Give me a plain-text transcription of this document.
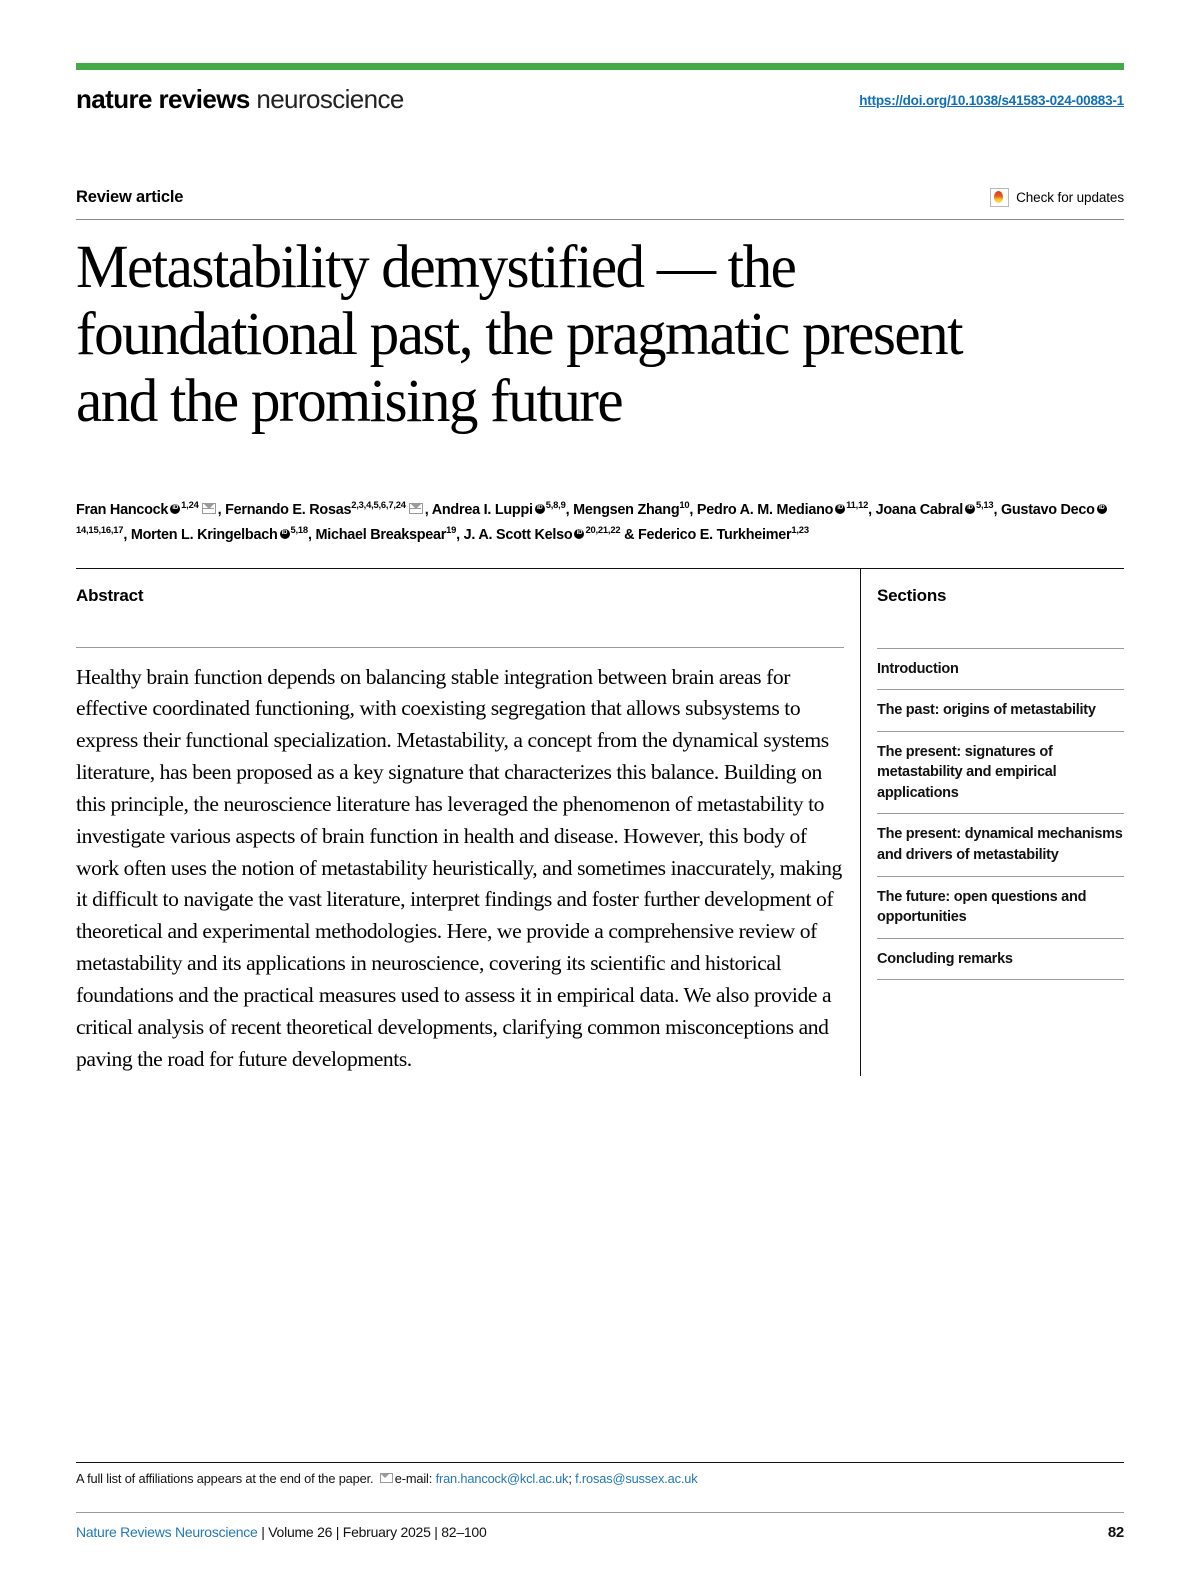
nature reviews neuroscience	https://doi.org/10.1038/s41583-024-00883-1
Review article	Check for updates
Metastability demystified — the foundational past, the pragmatic present and the promising future
Fran Hancock iD $^{1,24}$ , Fernando E. Rosas$^{2,3,4,5,6,7,24}$ , Andrea I. Luppi iD $^{5,8,9}$, Mengsen Zhang$^{10}$, Pedro A. M. Mediano iD $^{11,12}$, Joana CabraliD $^{5,13}$, Gustavo DecoiD$^{14,15,16,17}$, Morten L. Kringelbach iD $^{5,18}$, Michael Breakspear$^{19}$, J. A. Scott Kelso iD $^{20,21,22}$ & Federico E. Turkheimer$^{1,23}$
Abstract

Healthy brain function depends on balancing stable integration between brain areas for effective coordinated functioning, with coexisting segregation that allows subsystems to express their functional specialization. Metastability, a concept from the dynamical systems literature, has been proposed as a key signature that characterizes this balance. Building on this principle, the neuroscience literature has leveraged the phenomenon of metastability to investigate various aspects of brain function in health and disease. However, this body of work often uses the notion of metastability heuristically, and sometimes inaccurately, making it difficult to navigate the vast literature, interpret findings and foster further development of theoretical and experimental methodologies. Here, we provide a comprehensive review of metastability and its applications in neuroscience, covering its scientific and historical foundations and the practical measures used to assess it in empirical data. We also provide a critical analysis of recent theoretical developments, clarifying common misconceptions and paving the road for future developments.

Sections
Introduction
The past: origins of metastability
The present: signatures of metastability and empirical applications
The present: dynamical mechanisms and drivers of metastability
The future: open questions and opportunities
Concluding remarks
A full list of affiliations appears at the end of the paper. e-mail: fran.hancock@kcl.ac.uk; f.rosas@sussex.ac.uk
Nature Reviews Neuroscience | Volume 26 | February 2025 | 82–100	82
